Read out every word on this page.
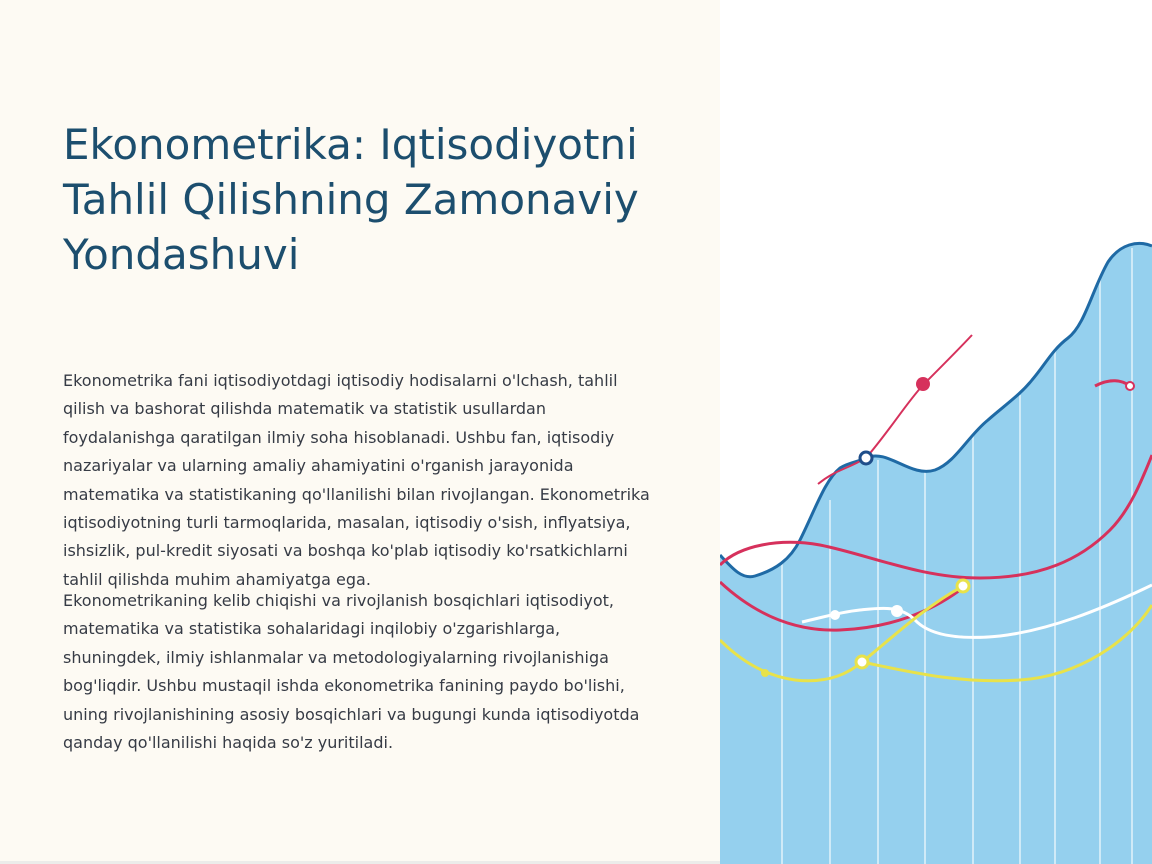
Ekonometrika: Iqtisodiyotni Tahlil Qilishning Zamonaviy Yondashuvi

Ekonometrika fani iqtisodiyotdagi iqtisodiy hodisalarni o'lchash, tahlil qilish va bashorat qilishda matematik va statistik usullardan foydalanishga qaratilgan ilmiy soha hisoblanadi. Ushbu fan, iqtisodiy nazariyalar va ularning amaliy ahamiyatini o'rganish jarayonida matematika va statistikaning qo'llanilishi bilan rivojlangan. Ekonometrika iqtisodiyotning turli tarmoqlarida, masalan, iqtisodiy o'sish, inflyatsiya, ishsizlik, pul-kredit siyosati va boshqa ko'plab iqtisodiy ko'rsatkichlarni tahlil qilishda muhim ahamiyatga ega.

Ekonometrikaning kelib chiqishi va rivojlanish bosqichlari iqtisodiyot, matematika va statistika sohalaridagi inqilobiy o'zgarishlarga, shuningdek, ilmiy ishlanmalar va metodologiyalarning rivojlanishiga bog'liqdir. Ushbu mustaqil ishda ekonometrika fanining paydo bo'lishi, uning rivojlanishining asosiy bosqichlari va bugungi kunda iqtisodiyotda qanday qo'llanilishi haqida so'z yuritiladi.
